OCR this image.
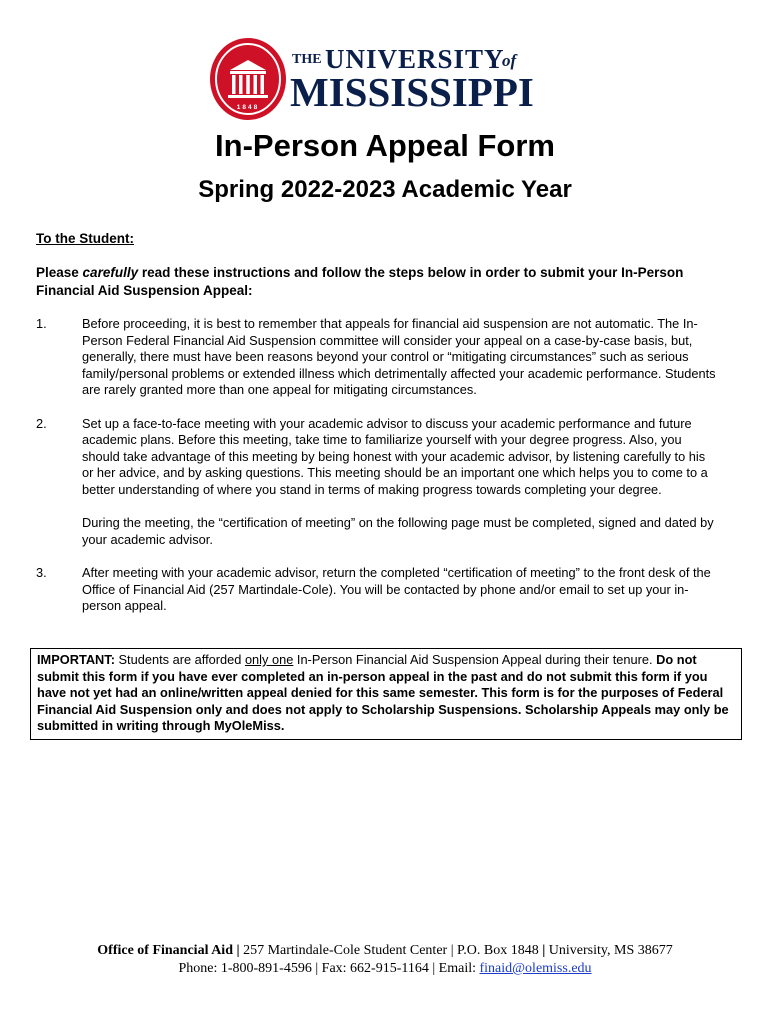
1848
THE UNIVERSITY
of
MISSISSIPPI
In-Person Appeal Form
Spring 2022-2023 Academic Year

To the Student:

Please carefully read these instructions and follow the steps below in order to submit your In-Person Financial Aid Suspension Appeal:

1.	Before proceeding, it is best to remember that appeals for financial aid suspension are not automatic. The In-Person Federal Financial Aid Suspension committee will consider your appeal on a case-by-case basis, but, generally, there must have been reasons beyond your control or “mitigating circumstances” such as serious family/personal problems or extended illness which detrimentally affected your academic performance. Students are rarely granted more than one appeal for mitigating circumstances.

2.	Set up a face-to-face meeting with your academic advisor to discuss your academic performance and future academic plans. Before this meeting, take time to familiarize yourself with your degree progress. Also, you should take advantage of this meeting by being honest with your academic advisor, by listening carefully to his or her advice, and by asking questions. This meeting should be an important one which helps you to come to a better understanding of where you stand in terms of making progress towards completing your degree.

During the meeting, the “certification of meeting” on the following page must be completed, signed and dated by your academic advisor.

3.	After meeting with your academic advisor, return the completed “certification of meeting” to the front desk of the Office of Financial Aid (257 Martindale-Cole). You will be contacted by phone and/or email to set up your in-person appeal.

IMPORTANT: Students are afforded only one In-Person Financial Aid Suspension Appeal during their tenure. Do not submit this form if you have ever completed an in-person appeal in the past and do not submit this form if you have not yet had an online/written appeal denied for this same semester. This form is for the purposes of Federal Financial Aid Suspension only and does not apply to Scholarship Suspensions. Scholarship Appeals may only be submitted in writing through MyOleMiss.
Office of Financial Aid | 257 Martindale-Cole Student Center | P.O. Box 1848 | University, MS 38677
Phone: 1-800-891-4596 | Fax: 662-915-1164 | Email: finaid@olemiss.edu
